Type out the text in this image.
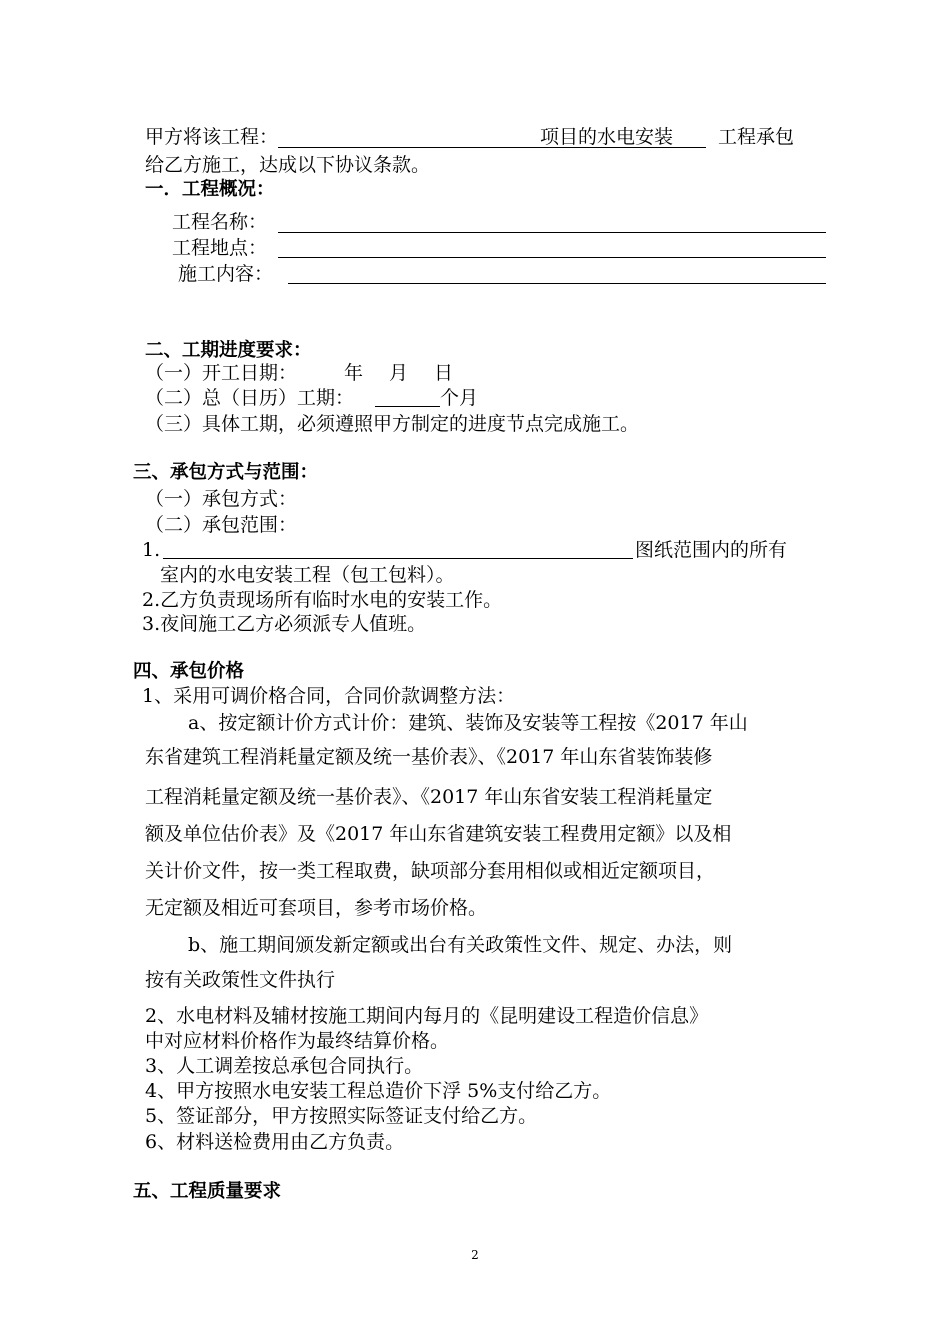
甲方将该工程：	项目的水电安装 工程承包
给乙方施工，达成以下协议条款。
一．工程概况：
工程名称：
工程地点：
施工内容：
二、工期进度要求：
（一）开工日期： 年 月 日
（二）总（日历）工期：	个月
（三）具体工期，必须遵照甲方制定的进度节点完成施工。
三、承包方式与范围：
（一）承包方式：
（二）承包范围：
1.	图纸范围内的所有
室内的水电安装工程（包工包料）。
2.乙方负责现场所有临时水电的安装工作。
3.夜间施工乙方必须派专人值班。
四、承包价格
1、采用可调价格合同，合同价款调整方法：
a、按定额计价方式计价：建筑、装饰及安装等工程按《2017 年山
东省建筑工程消耗量定额及统一基价表》、《2017 年山东省装饰装修
工程消耗量定额及统一基价表》、《2017 年山东省安装工程消耗量定
额及单位估价表》及《2017 年山东省建筑安装工程费用定额》以及相
关计价文件，按一类工程取费，缺项部分套用相似或相近定额项目，
无定额及相近可套项目，参考市场价格。
b、施工期间颁发新定额或出台有关政策性文件、规定、办法，则
按有关政策性文件执行
2、水电材料及辅材按施工期间内每月的《昆明建设工程造价信息》
中对应材料价格作为最终结算价格。
3、人工调差按总承包合同执行。
4、甲方按照水电安装工程总造价下浮 5%支付给乙方。
5、签证部分，甲方按照实际签证支付给乙方。
6、材料送检费用由乙方负责。
五、工程质量要求
2
